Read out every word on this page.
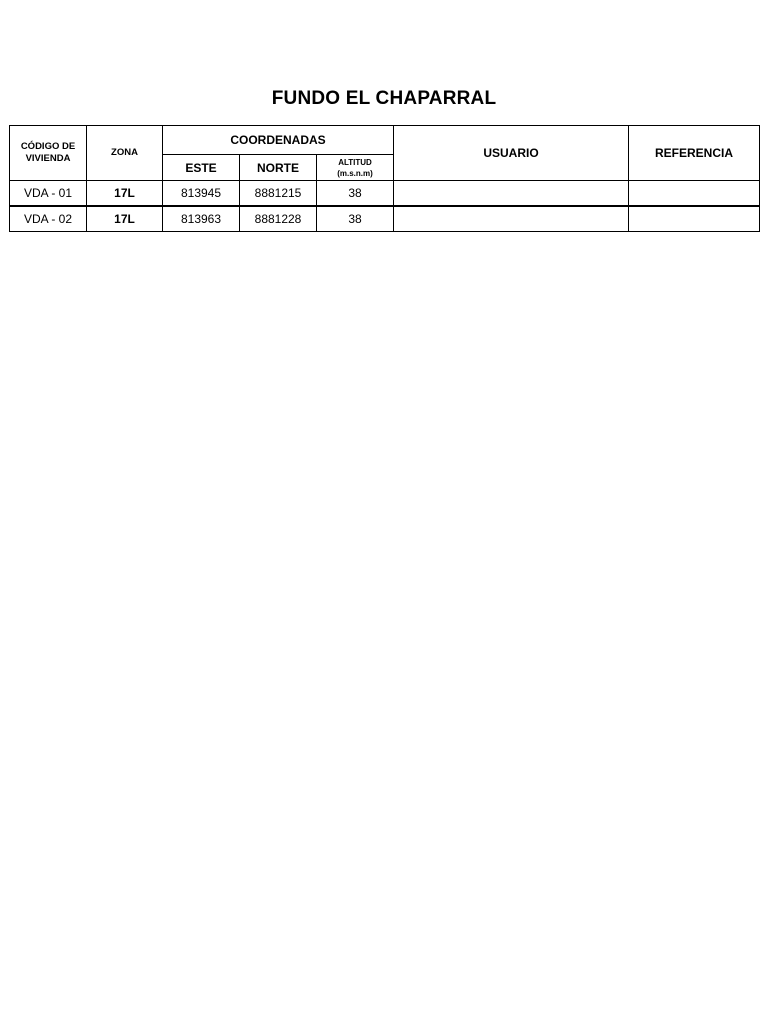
FUNDO EL CHAPARRAL
CÓDIGO DE
VIVIENDA	ZONA	COORDENADAS			USUARIO	REFERENCIA
		ESTE	NORTE	ALTITUD
(m.s.n.m)		

VDA - 01	17L	813945	8881215	38		
VDA - 02	17L	813963	8881228	38		
